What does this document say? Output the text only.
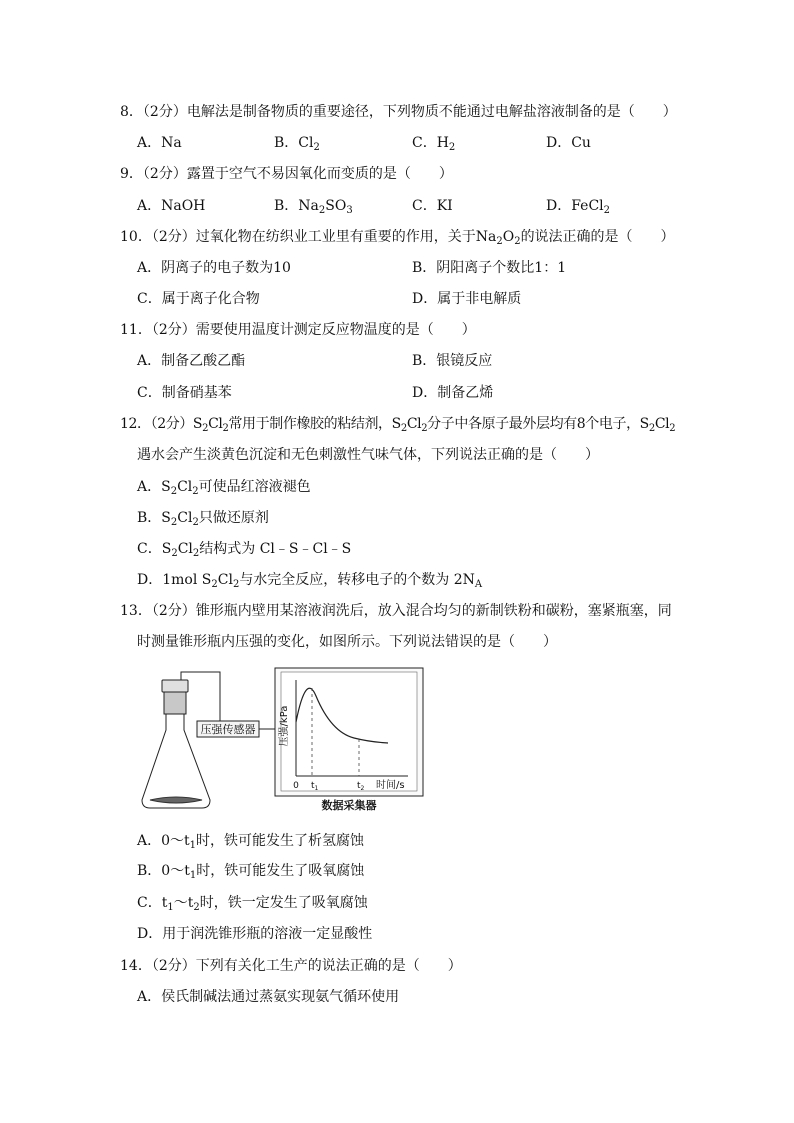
8．（2分）电解法是制备物质的重要途径，下列物质不能通过电解盐溶液制备的是（　　）
A．Na	B．$Cl_2$	C．$H_2$	D．Cu
9．（2分）露置于空气不易因氧化而变质的是（　　）
A．NaOH	B．$Na_2SO_3$	C．KI	D．FeCl$_2$
10．（2分）过氧化物在纺织业工业里有重要的作用，关于$Na_2O_2$的说法正确的是（　　）
A．阴离子的电子数为10	B．阴阳离子个数比1：1
C．属于离子化合物	D．属于非电解质
11．（2分）需要使用温度计测定反应物温度的是（　　）
A．制备乙酸乙酯	B．银镜反应
C．制备硝基苯	D．制备乙烯
12．（2分）$S_2Cl_2$常用于制作橡胶的粘结剂，$S_2Cl_2$分子中各原子最外层均有8个电子，$S_2Cl_2$
遇水会产生淡黄色沉淀和无色刺激性气味气体，下列说法正确的是（　　）
A．$S_2Cl_2$可使品红溶液褪色
B．$S_2Cl_2$只做还原剂
C．$S_2Cl_2$结构式为 Cl﹣S﹣Cl﹣S
D．1mol $S_2Cl_2$与水完全反应，转移电子的个数为 $2N_A$
13．（2分）锥形瓶内壁用某溶液润洗后，放入混合均匀的新制铁粉和碳粉，塞紧瓶塞，同
时测量锥形瓶内压强的变化，如图所示。下列说法错误的是（　　）
压强传感器 压强/kPa
0 $t_1$	$t_2$ 时间/s
数据采集器
A．$0\sim t_1$时，铁可能发生了析氢腐蚀
B．$0\sim t_1$时，铁可能发生了吸氧腐蚀
C．$t_1\sim t_2$时，铁一定发生了吸氧腐蚀
D．用于润洗锥形瓶的溶液一定显酸性
14．（2分）下列有关化工生产的说法正确的是（　　）
A．侯氏制碱法通过蒸氨实现氨气循环使用
